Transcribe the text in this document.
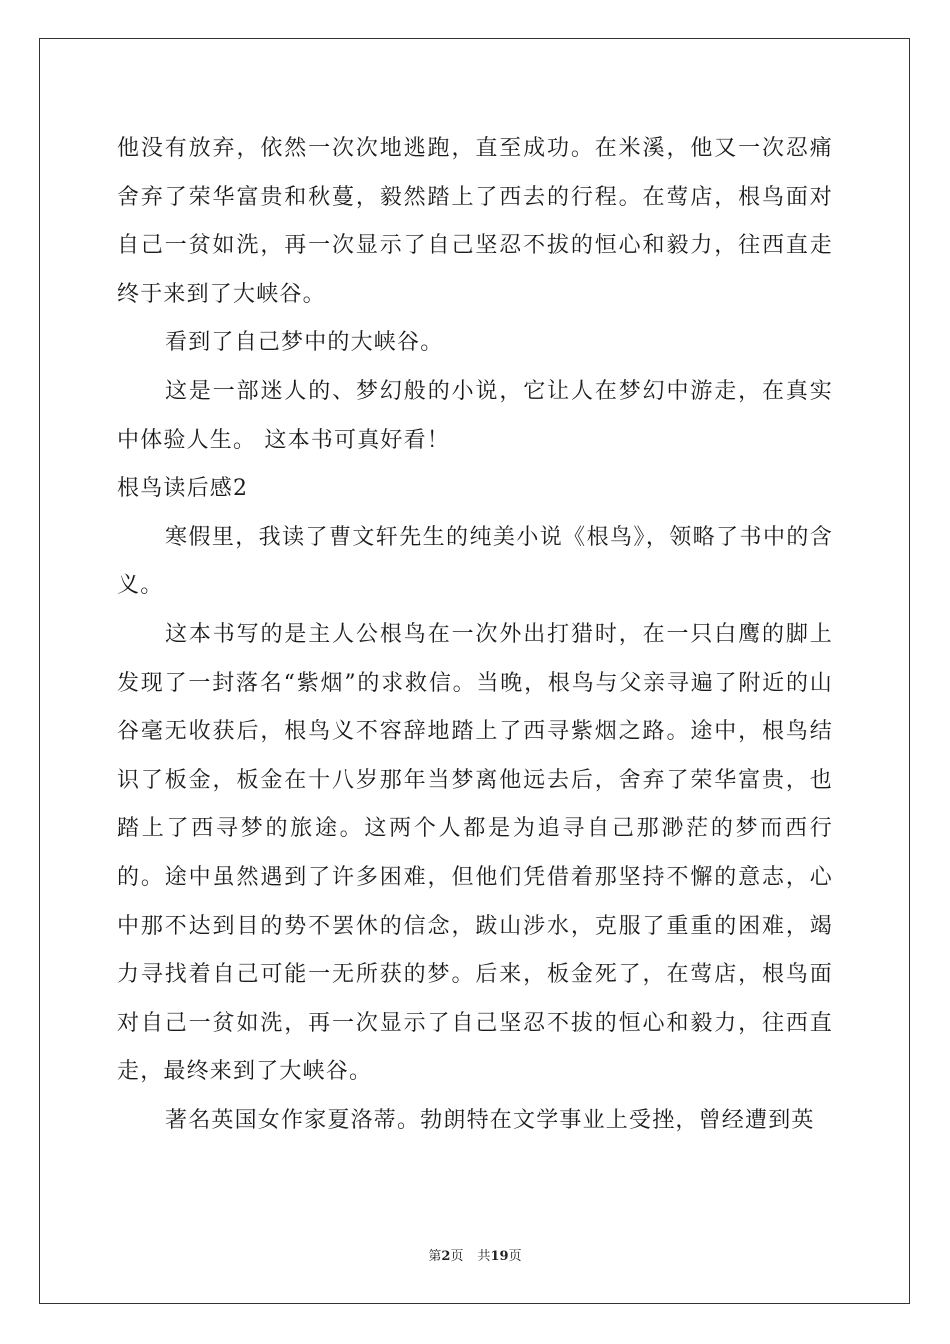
他没有放弃，依然一次次地逃跑，直至成功。在米溪，他又一次忍痛舍弃了荣华富贵和秋蔓，毅然踏上了西去的行程。在莺店，根鸟面对自己一贫如洗，再一次显示了自己坚忍不拔的恒心和毅力，往西直走终于来到了大峡谷。

看到了自己梦中的大峡谷。

这是一部迷人的、梦幻般的小说，它让人在梦幻中游走，在真实中体验人生。 这本书可真好看！

根鸟读后感2

寒假里，我读了曹文轩先生的纯美小说《根鸟》，领略了书中的含义。

这本书写的是主人公根鸟在一次外出打猎时，在一只白鹰的脚上发现了一封落名“紫烟”的求救信。当晚，根鸟与父亲寻遍了附近的山谷毫无收获后，根鸟义不容辞地踏上了西寻紫烟之路。途中，根鸟结识了板金，板金在十八岁那年当梦离他远去后，舍弃了荣华富贵，也踏上了西寻梦的旅途。这两个人都是为追寻自己那渺茫的梦而西行的。途中虽然遇到了许多困难，但他们凭借着那坚持不懈的意志，心中那不达到目的势不罢休的信念，跋山涉水，克服了重重的困难，竭力寻找着自己可能一无所获的梦。后来，板金死了，在莺店，根鸟面对自己一贫如洗，再一次显示了自己坚忍不拔的恒心和毅力，往西直走，最终来到了大峡谷。

著名英国女作家夏洛蒂。勃朗特在文学事业上受挫，曾经遭到英

第2页 共19页
